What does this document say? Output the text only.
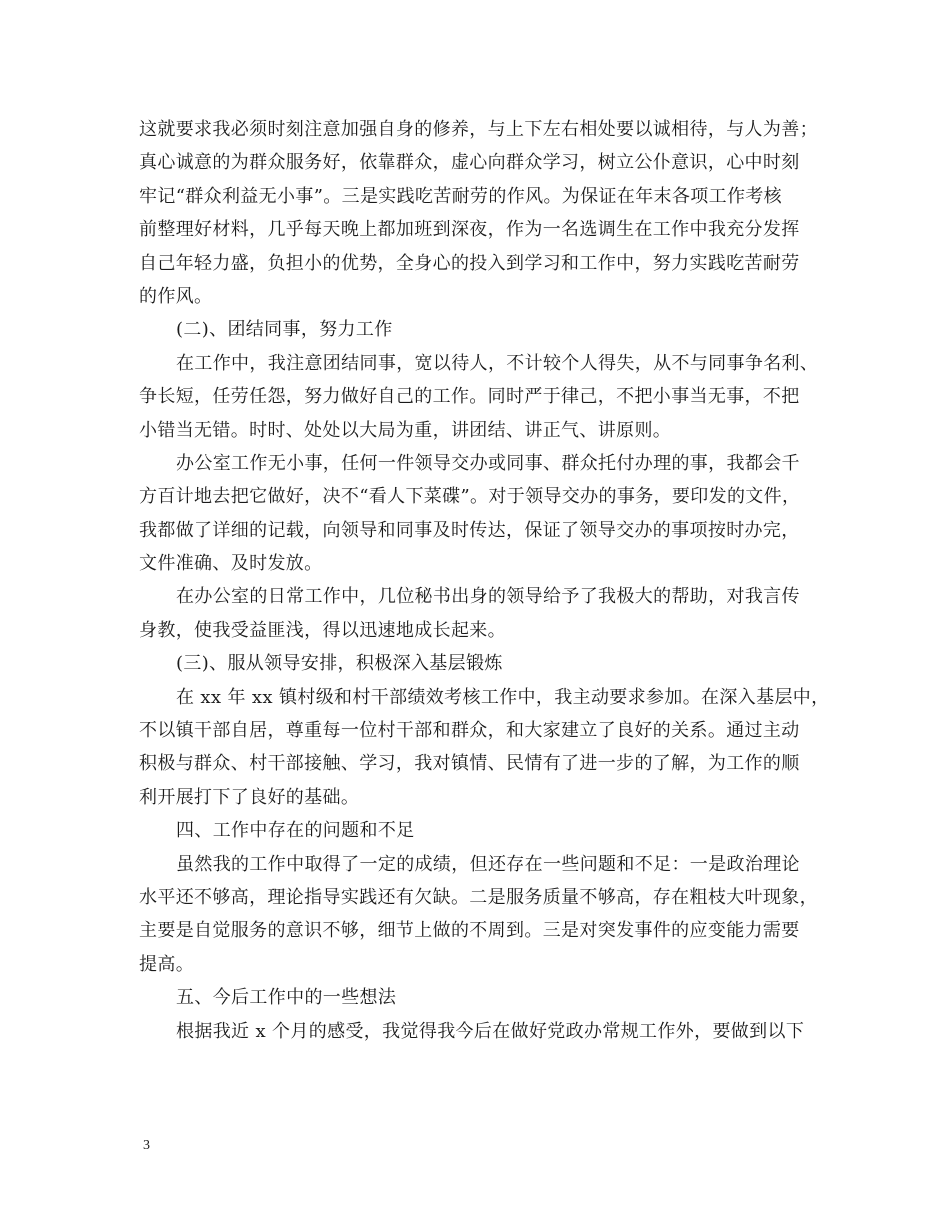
这就要求我必须时刻注意加强自身的修养，与上下左右相处要以诚相待，与人为善；
真心诚意的为群众服务好，依靠群众，虚心向群众学习，树立公仆意识，心中时刻
牢记“群众利益无小事”。三是实践吃苦耐劳的作风。为保证在年末各项工作考核
前整理好材料，几乎每天晚上都加班到深夜，作为一名选调生在工作中我充分发挥
自己年轻力盛，负担小的优势，全身心的投入到学习和工作中，努力实践吃苦耐劳
的作风。
(二)、团结同事，努力工作
在工作中，我注意团结同事，宽以待人，不计较个人得失，从不与同事争名利、
争长短，任劳任怨，努力做好自己的工作。同时严于律己，不把小事当无事，不把
小错当无错。时时、处处以大局为重，讲团结、讲正气、讲原则。
办公室工作无小事，任何一件领导交办或同事、群众托付办理的事，我都会千
方百计地去把它做好，决不“看人下菜碟”。对于领导交办的事务，要印发的文件，
我都做了详细的记载，向领导和同事及时传达，保证了领导交办的事项按时办完，
文件准确、及时发放。
在办公室的日常工作中，几位秘书出身的领导给予了我极大的帮助，对我言传
身教，使我受益匪浅，得以迅速地成长起来。
(三)、服从领导安排，积极深入基层锻炼
在 xx 年 xx 镇村级和村干部绩效考核工作中，我主动要求参加。在深入基层中，
不以镇干部自居，尊重每一位村干部和群众，和大家建立了良好的关系。通过主动
积极与群众、村干部接触、学习，我对镇情、民情有了进一步的了解，为工作的顺
利开展打下了良好的基础。
四、工作中存在的问题和不足
虽然我的工作中取得了一定的成绩，但还存在一些问题和不足：一是政治理论
水平还不够高，理论指导实践还有欠缺。二是服务质量不够高，存在粗枝大叶现象，
主要是自觉服务的意识不够，细节上做的不周到。三是对突发事件的应变能力需要
提高。
五、今后工作中的一些想法
根据我近 x 个月的感受，我觉得我今后在做好党政办常规工作外，要做到以下
3
